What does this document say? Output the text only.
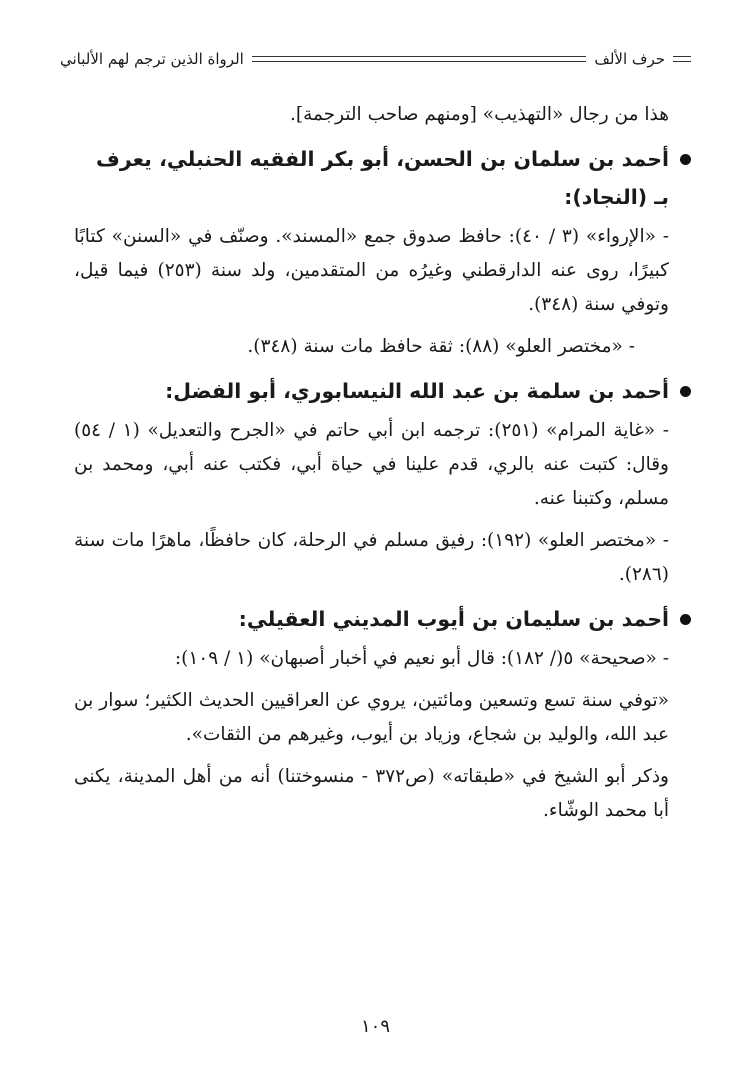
حرف الألف
الرواة الذين ترجم لهم الألباني

هذا من رجال «التهذيب» [ومنهم صاحب الترجمة].

أحمد بن سلمان بن الحسن، أبو بكر الفقيه الحنبلي، يعرف بـ (النجاد):

- «الإرواء» (٣ / ٤٠): حافظ صدوق جمع «المسند». وصنّف في «السنن» كتابًا كبيرًا، روى عنه الدارقطني وغيرُه من المتقدمين، ولد سنة (٢٥٣) فيما قيل، وتوفي سنة (٣٤٨).

- «مختصر العلو» (٨٨): ثقة حافظ مات سنة (٣٤٨).

أحمد بن سلمة بن عبد الله النيسابوري، أبو الفضل:

- «غاية المرام» (٢٥١): ترجمه ابن أبي حاتم في «الجرح والتعديل» (١ / ٥٤) وقال: كتبت عنه بالري، قدم علينا في حياة أبي، فكتب عنه أبي، ومحمد بن مسلم، وكتبنا عنه.

- «مختصر العلو» (١٩٢): رفيق مسلم في الرحلة، كان حافظًا، ماهرًا مات سنة (٢٨٦).

أحمد بن سليمان بن أيوب المديني العقيلي:

- «صحيحة» ٥(/ ١٨٢): قال أبو نعيم في أخبار أصبهان» (١ / ١٠٩):

«توفي سنة تسع وتسعين ومائتين، يروي عن العراقيين الحديث الكثير؛ سوار بن عبد الله، والوليد بن شجاع، وزياد بن أيوب، وغيرهم من الثقات».

وذكر أبو الشيخ في «طبقاته» (ص٣٧٢ - منسوختنا) أنه من أهل المدينة، يكنى أبا محمد الوشّاء.

١٠٩
